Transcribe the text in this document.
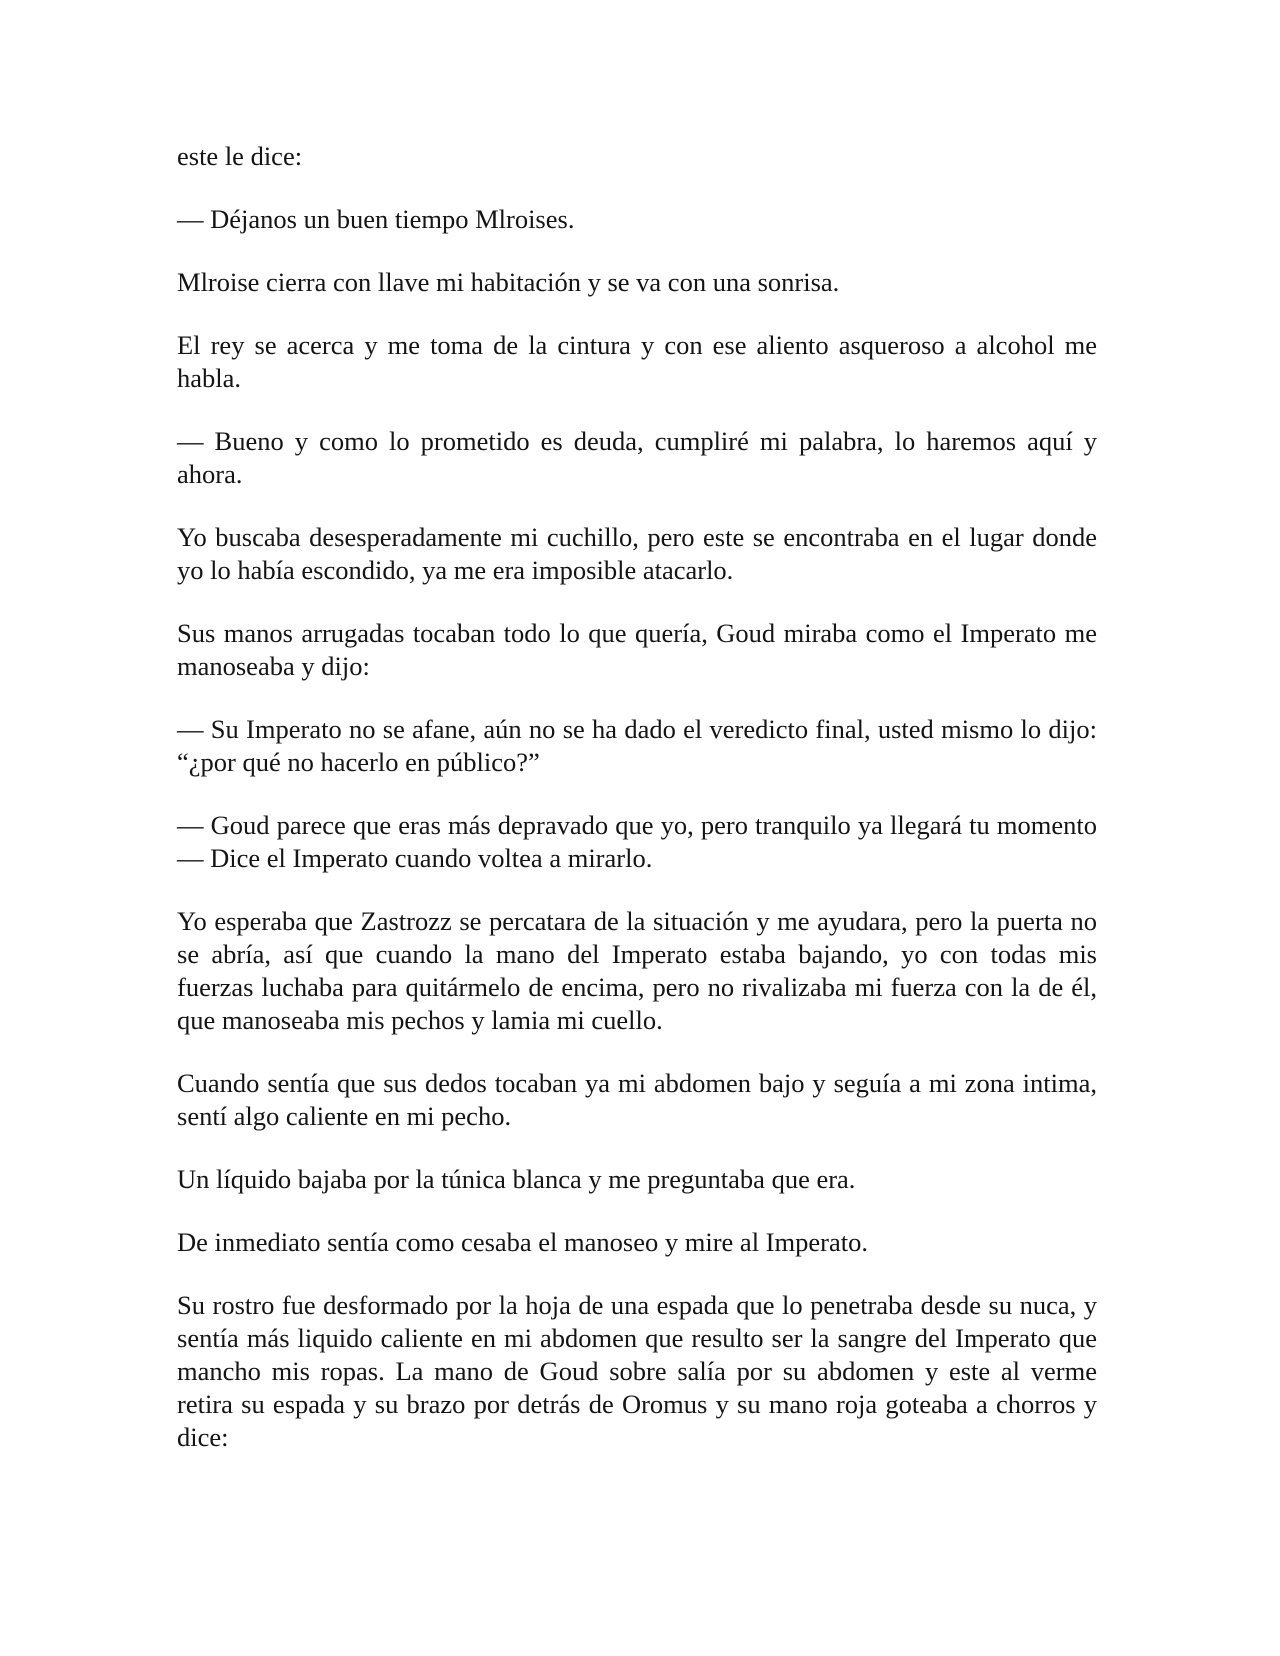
este le dice:

— Déjanos un buen tiempo Mlroises.

Mlroise cierra con llave mi habitación y se va con una sonrisa.

El rey se acerca y me toma de la cintura y con ese aliento asqueroso a alcohol me habla.

— Bueno y como lo prometido es deuda, cumpliré mi palabra, lo haremos aquí y ahora.

Yo buscaba desesperadamente mi cuchillo, pero este se encontraba en el lugar donde yo lo había escondido, ya me era imposible atacarlo.

Sus manos arrugadas tocaban todo lo que quería, Goud miraba como el Imperato me manoseaba y dijo:

— Su Imperato no se afane, aún no se ha dado el veredicto final, usted mismo lo dijo: “¿por qué no hacerlo en público?”

— Goud parece que eras más depravado que yo, pero tranquilo ya llegará tu momento— Dice el Imperato cuando voltea a mirarlo.

Yo esperaba que Zastrozz se percatara de la situación y me ayudara, pero la puerta no se abría, así que cuando la mano del Imperato estaba bajando, yo con todas mis fuerzas luchaba para quitármelo de encima, pero no rivalizaba mi fuerza con la de él, que manoseaba mis pechos y lamia mi cuello.

Cuando sentía que sus dedos tocaban ya mi abdomen bajo y seguía a mi zona intima, sentí algo caliente en mi pecho.

Un líquido bajaba por la túnica blanca y me preguntaba que era.

De inmediato sentía como cesaba el manoseo y mire al Imperato.

Su rostro fue desformado por la hoja de una espada que lo penetraba desde su nuca, y sentía más liquido caliente en mi abdomen que resulto ser la sangre del Imperato que mancho mis ropas. La mano de Goud sobre salía por su abdomen y este al verme retira su espada y su brazo por detrás de Oromus y su mano roja goteaba a chorros y dice:
